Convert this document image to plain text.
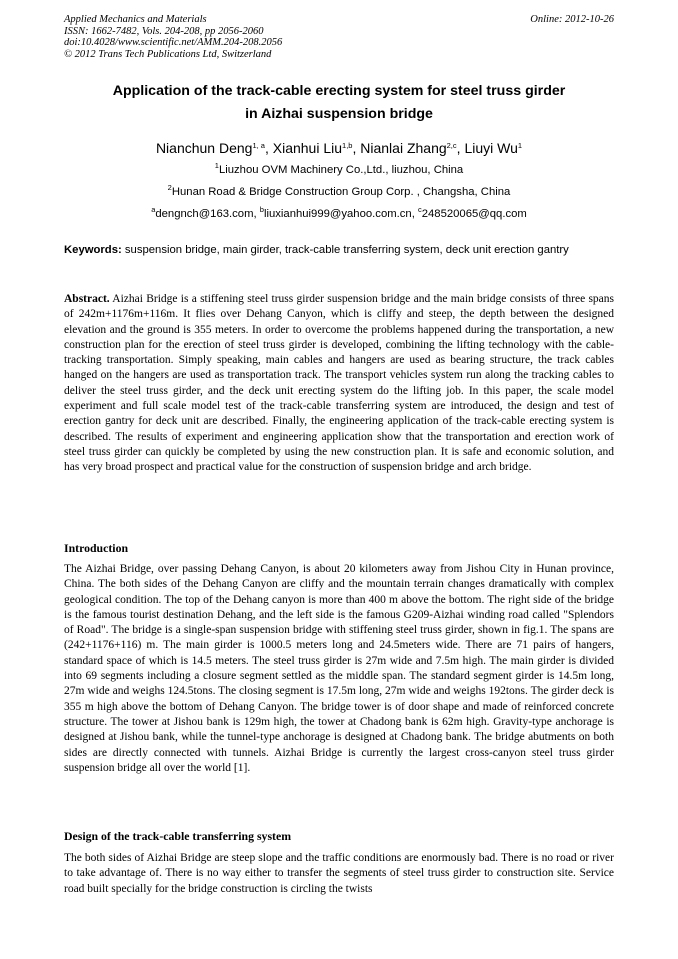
Applied Mechanics and Materials
ISSN: 1662-7482, Vols. 204-208, pp 2056-2060
doi:10.4028/www.scientific.net/AMM.204-208.2056
© 2012 Trans Tech Publications Ltd, Switzerland
Online: 2012-10-26
Application of the track-cable erecting system for steel truss girder
in Aizhai suspension bridge
Nianchun Deng$^{1, a}$, Xianhui Liu$^{1,b}$, Nianlai Zhang$^{2,c}$, Liuyi Wu$^1$
$^1$Liuzhou OVM Machinery Co.,Ltd., liuzhou, China
$^2$Hunan Road & Bridge Construction Group Corp. , Changsha, China
$^a$dengnch@163.com, $^b$liuxianhui999@yahoo.com.cn, $^c$248520065@qq.com
Keywords: suspension bridge, main girder, track-cable transferring system, deck unit erection gantry
Abstract. Aizhai Bridge is a stiffening steel truss girder suspension bridge and the main bridge consists of three spans of 242m+1176m+116m. It flies over Dehang Canyon, which is cliffy and steep, the depth between the designed elevation and the ground is 355 meters. In order to overcome the problems happened during the transportation, a new construction plan for the erection of steel truss girder is developed, combining the lifting technology with the cable-tracking transportation. Simply speaking, main cables and hangers are used as bearing structure, the track cables hanged on the hangers are used as transportation track. The transport vehicles system run along the tracking cables to deliver the steel truss girder, and the deck unit erecting system do the lifting job. In this paper, the scale model experiment and full scale model test of the track-cable transferring system are introduced, the design and test of erection gantry for deck unit are described. Finally, the engineering application of the track-cable erecting system is described. The results of experiment and engineering application show that the transportation and erection work of steel truss girder can quickly be completed by using the new construction plan. It is safe and economic solution, and has very broad prospect and practical value for the construction of suspension bridge and arch bridge.
Introduction
The Aizhai Bridge, over passing Dehang Canyon, is about 20 kilometers away from Jishou City in Hunan province, China. The both sides of the Dehang Canyon are cliffy and the mountain terrain changes dramatically with complex geological condition. The top of the Dehang canyon is more than 400 m above the bottom. The right side of the bridge is the famous tourist destination Dehang, and the left side is the famous G209-Aizhai winding road called "Splendors of Road". The bridge is a single-span suspension bridge with stiffening steel truss girder, shown in fig.1. The spans are (242+1176+116) m. The main girder is 1000.5 meters long and 24.5meters wide. There are 71 pairs of hangers, standard space of which is 14.5 meters. The steel truss girder is 27m wide and 7.5m high. The main girder is divided into 69 segments including a closure segment settled as the middle span. The standard segment girder is 14.5m long, 27m wide and weighs 124.5tons. The closing segment is 17.5m long, 27m wide and weighs 192tons. The girder deck is 355 m high above the bottom of Dehang Canyon. The bridge tower is of door shape and made of reinforced concrete structure. The tower at Jishou bank is 129m high, the tower at Chadong bank is 62m high. Gravity-type anchorage is designed at Jishou bank, while the tunnel-type anchorage is designed at Chadong bank. The bridge abutments on both sides are directly connected with tunnels. Aizhai Bridge is currently the largest cross-canyon steel truss girder suspension bridge all over the world [1].
Design of the track-cable transferring system
The both sides of Aizhai Bridge are steep slope and the traffic conditions are enormously bad. There is no road or river to take advantage of. There is no way either to transfer the segments of steel truss girder to construction site. Service road built specially for the bridge construction is circling the twists
